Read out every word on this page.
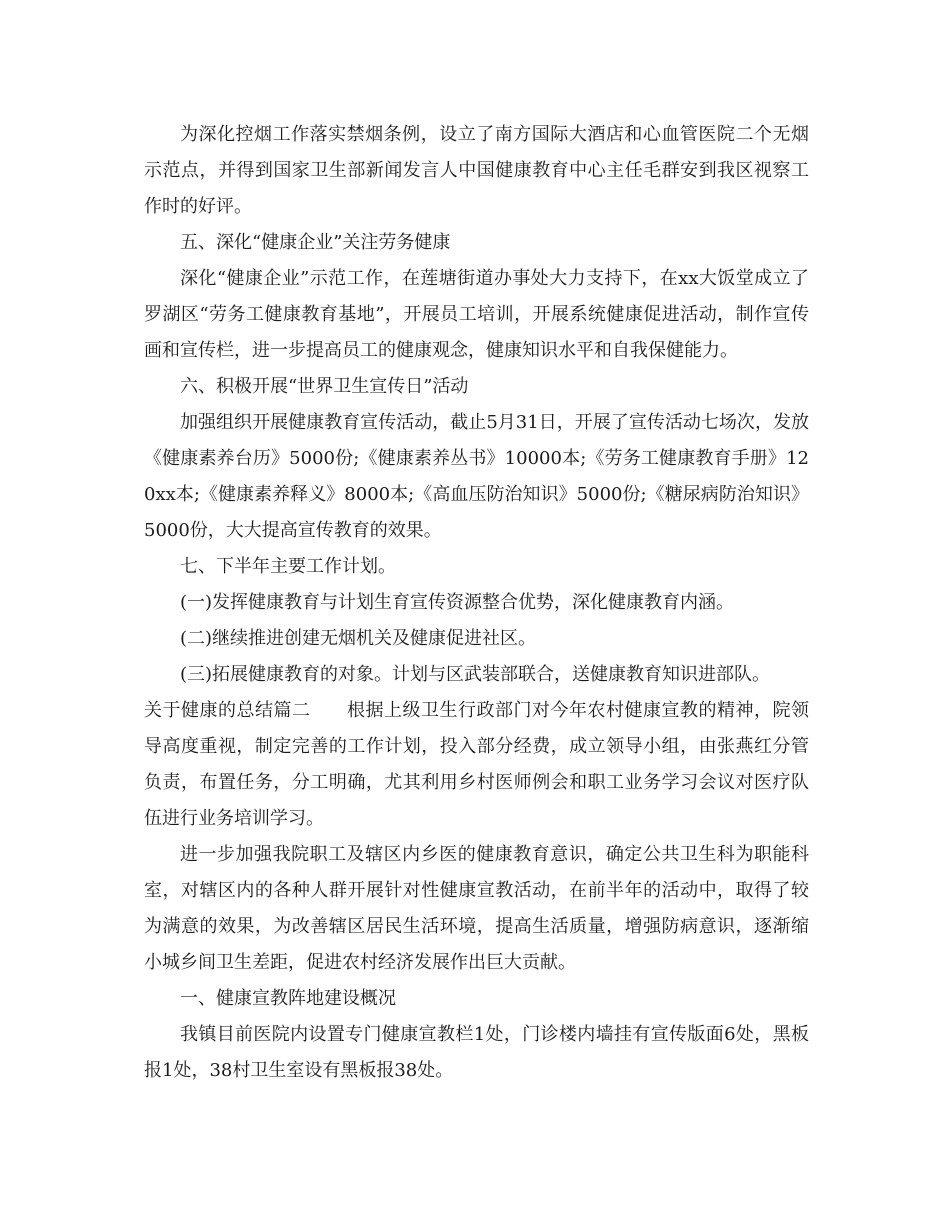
为深化控烟工作落实禁烟条例，设立了南方国际大酒店和心血管医院二个无烟示范点，并得到国家卫生部新闻发言人中国健康教育中心主任毛群安到我区视察工作时的好评。

五、深化“健康企业”关注劳务健康

深化“健康企业”示范工作，在莲塘街道办事处大力支持下，在xx大饭堂成立了罗湖区“劳务工健康教育基地”，开展员工培训，开展系统健康促进活动，制作宣传画和宣传栏，进一步提高员工的健康观念，健康知识水平和自我保健能力。

六、积极开展“世界卫生宣传日”活动

加强组织开展健康教育宣传活动，截止5月31日，开展了宣传活动七场次，发放《健康素养台历》5000份;《健康素养丛书》10000本;《劳务工健康教育手册》120xx本;《健康素养释义》8000本;《高血压防治知识》5000份;《糖尿病防治知识》5000份，大大提高宣传教育的效果。

七、下半年主要工作计划。

(一)发挥健康教育与计划生育宣传资源整合优势，深化健康教育内涵。

(二)继续推进创建无烟机关及健康促进社区。

(三)拓展健康教育的对象。计划与区武装部联合，送健康教育知识进部队。

关于健康的总结篇二 根据上级卫生行政部门对今年农村健康宣教的精神，院领导高度重视，制定完善的工作计划，投入部分经费，成立领导小组，由张燕红分管负责，布置任务，分工明确，尤其利用乡村医师例会和职工业务学习会议对医疗队伍进行业务培训学习。

进一步加强我院职工及辖区内乡医的健康教育意识，确定公共卫生科为职能科室，对辖区内的各种人群开展针对性健康宣教活动，在前半年的活动中，取得了较为满意的效果，为改善辖区居民生活环境，提高生活质量，增强防病意识，逐渐缩小城乡间卫生差距，促进农村经济发展作出巨大贡献。

一、健康宣教阵地建设概况

我镇目前医院内设置专门健康宣教栏1处，门诊楼内墙挂有宣传版面6处，黑板报1处，38村卫生室设有黑板报38处。
